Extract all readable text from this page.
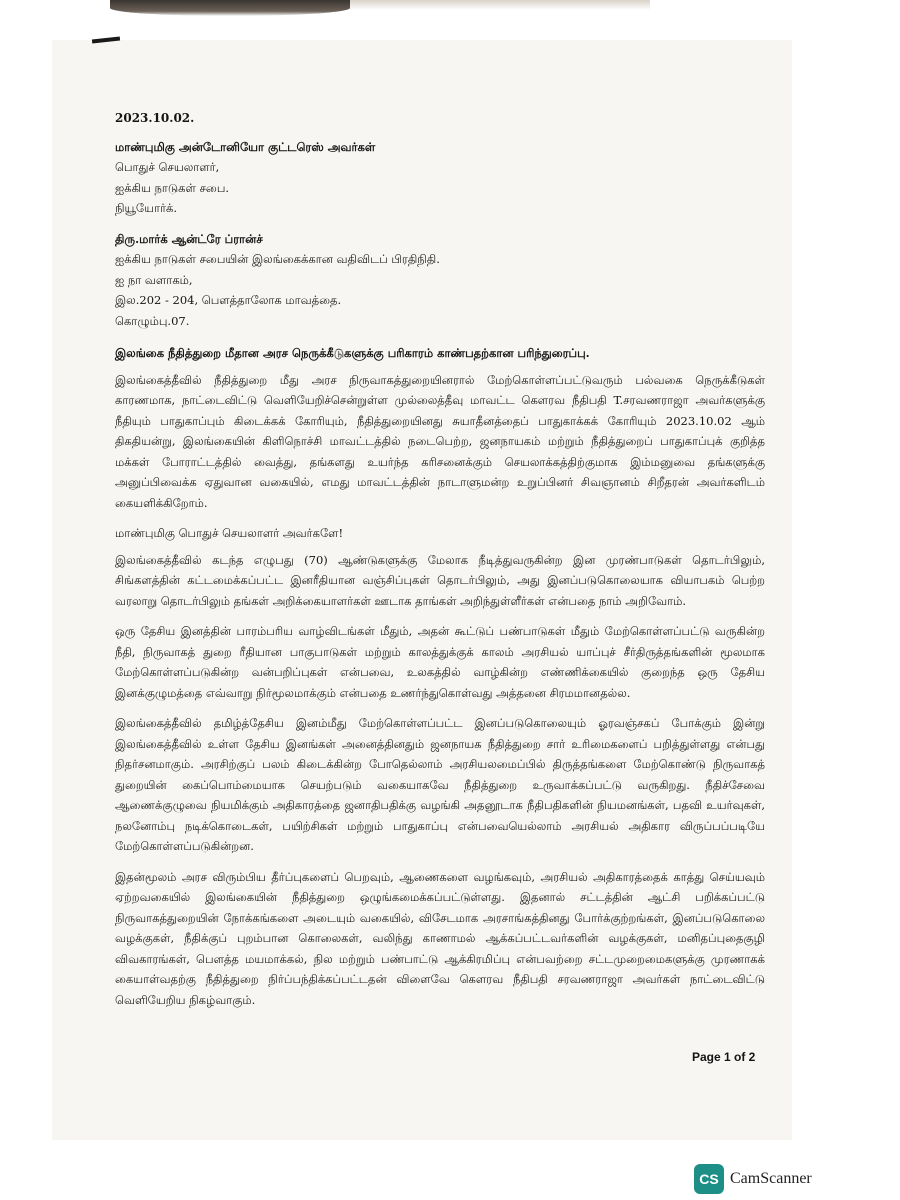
2023.10.02.

மாண்புமிகு அன்டோனியோ குட்டரெஸ் அவர்கள்

பொதுச் செயலாளர்,

ஐக்கிய நாடுகள் சபை.

நியூயோர்க்.

திரு.மார்க் ஆன்ட்ரே ப்ரான்ச்

ஐக்கிய நாடுகள் சபையின் இலங்கைக்கான வதிவிடப் பிரதிநிதி.

ஐ நா வளாகம்,

இல.202 - 204, பௌத்தாலோக மாவத்தை.

கொழும்பு.07.

இலங்கை நீதித்துறை மீதான அரச நெருக்கீடுகளுக்கு பரிகாரம் காண்பதற்கான பரிந்துரைப்பு.

இலங்கைத்தீவில் நீதித்துறை மீது அரச நிருவாகத்துறையினரால் மேற்கொள்ளப்பட்டுவரும் பல்வகை நெருக்கீடுகள் காரணமாக, நாட்டைவிட்டு வெளியேறிச்சென்றுள்ள முல்லைத்தீவு மாவட்ட கௌரவ நீதிபதி T.சரவணராஜா அவர்களுக்கு நீதியும் பாதுகாப்பும் கிடைக்கக் கோரியும், நீதித்துறையினது சுயாதீனத்தைப் பாதுகாக்கக் கோரியும் 2023.10.02 ஆம் திகதியன்று, இலங்கையின் கிளிநொச்சி மாவட்டத்தில் நடைபெற்ற, ஜனநாயகம் மற்றும் நீதித்துறைப் பாதுகாப்புக் குறித்த மக்கள் போராட்டத்தில் வைத்து, தங்களது உயர்ந்த கரிசனைக்கும் செயலாக்கத்திற்குமாக இம்மனுவை தங்களுக்கு அனுப்பிவைக்க ஏதுவான வகையில், எமது மாவட்டத்தின் நாடாளுமன்ற உறுப்பினர் சிவஞானம் சிறீதரன் அவர்களிடம் கையளிக்கிறோம்.

மாண்புமிகு பொதுச் செயலாளர் அவர்களே!

இலங்கைத்தீவில் கடந்த எழுபது (70) ஆண்டுகளுக்கு மேலாக நீடித்துவருகின்ற இன முரண்பாடுகள் தொடர்பிலும், சிங்களத்தின் கட்டமைக்கப்பட்ட இனரீதியான வஞ்சிப்புகள் தொடர்பிலும், அது இனப்படுகொலையாக வியாபகம் பெற்ற வரலாறு தொடர்பிலும் தங்கள் அறிக்கையாளர்கள் ஊடாக தாங்கள் அறிந்துள்ளீர்கள் என்பதை நாம் அறிவோம்.

ஒரு தேசிய இனத்தின் பாரம்பரிய வாழ்விடங்கள் மீதும், அதன் கூட்டுப் பண்பாடுகள் மீதும் மேற்கொள்ளப்பட்டு வருகின்ற நீதி, நிருவாகத் துறை ரீதியான பாகுபாடுகள் மற்றும் காலத்துக்குக் காலம் அரசியல் யாப்புச் சீர்திருத்தங்களின் மூலமாக மேற்கொள்ளப்படுகின்ற வன்பறிப்புகள் என்பவை, உலகத்தில் வாழ்கின்ற எண்ணிக்கையில் குறைந்த ஒரு தேசிய இனக்குழுமத்தை எவ்வாறு நிர்மூலமாக்கும் என்பதை உணர்ந்துகொள்வது அத்தனை சிரமமானதல்ல.

இலங்கைத்தீவில் தமிழ்த்தேசிய இனம்மீது மேற்கொள்ளப்பட்ட இனப்படுகொலையும் ஓரவஞ்சகப் போக்கும் இன்று இலங்கைத்தீவில் உள்ள தேசிய இனங்கள் அனைத்தினதும் ஜனநாயக நீதித்துறை சார் உரிமைகளைப் பறித்துள்ளது என்பது நிதர்சனமாகும். அரசிற்குப் பலம் கிடைக்கின்ற போதெல்லாம் அரசியலமைப்பில் திருத்தங்களை மேற்கொண்டு நிருவாகத் துறையின் கைப்பொம்மையாக செயற்படும் வகையாகவே நீதித்துறை உருவாக்கப்பட்டு வருகிறது. நீதிச்சேவை ஆணைக்குழுவை நியமிக்கும் அதிகாரத்தை ஜனாதிபதிக்கு வழங்கி அதனூடாக நீதிபதிகளின் நியமனங்கள், பதவி உயர்வுகள், நலனோம்பு நடிக்கொடைகள், பயிற்சிகள் மற்றும் பாதுகாப்பு என்பவையெல்லாம் அரசியல் அதிகார விருப்பப்படியே மேற்கொள்ளப்படுகின்றன.

இதன்மூலம் அரச விரும்பிய தீர்ப்புகளைப் பெறவும், ஆணைகளை வழங்கவும், அரசியல் அதிகாரத்தைக் காத்து செய்யவும் ஏற்றவகையில் இலங்கையின் நீதித்துறை ஒழுங்கமைக்கப்பட்டுள்ளது. இதனால் சட்டத்தின் ஆட்சி பறிக்கப்பட்டு நிருவாகத்துறையின் நோக்கங்களை அடையும் வகையில், விசேடமாக அரசாங்கத்தினது போர்க்குற்றங்கள், இனப்படுகொலை வழக்குகள், நீதிக்குப் புறம்பான கொலைகள், வலிந்து காணாமல் ஆக்கப்பட்டவர்களின் வழக்குகள், மனிதப்புதைகுழி விவகாரங்கள், பௌத்த மயமாக்கல், நில மற்றும் பண்பாட்டு ஆக்கிரமிப்பு என்பவற்றை சட்டமுறைமைகளுக்கு முரணாகக் கையாள்வதற்கு நீதித்துறை நிர்ப்பந்திக்கப்பட்டதன் விளைவே கௌரவ நீதிபதி சரவணராஜா அவர்கள் நாட்டைவிட்டு வெளியேறிய நிகழ்வாகும்.

Page 1 of 2
CS CamScanner
